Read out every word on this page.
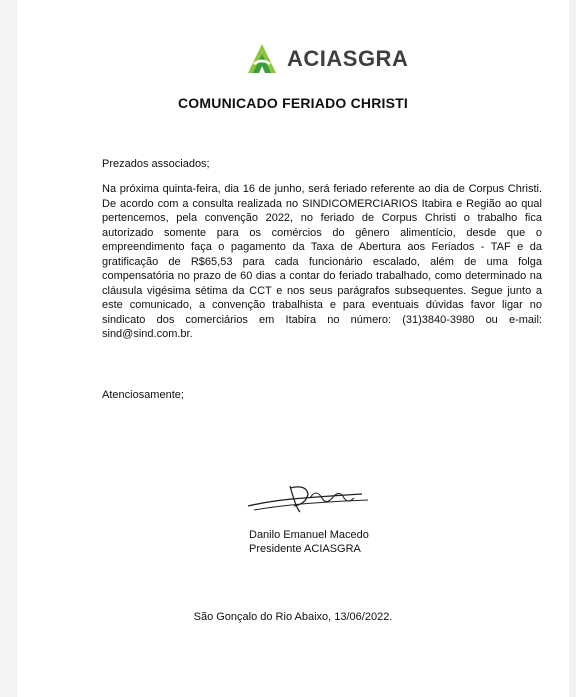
ACIASGRA
COMUNICADO FERIADO CHRISTI
Prezados associados;
Na próxima quinta-feira, dia 16 de junho, será feriado referente ao dia de Corpus Christi. De acordo com a consulta realizada no SINDICOMERCIARIOS Itabira e Região ao qual pertencemos, pela convenção 2022, no feriado de Corpus Christi o trabalho fica autorizado somente para os comércios do gênero alimentício, desde que o empreendimento faça o pagamento da Taxa de Abertura aos Feriados - TAF e da gratificação de R$65,53 para cada funcionário escalado, além de uma folga compensatória no prazo de 60 dias a contar do feriado trabalhado, como determinado na cláusula vigésima sétima da CCT e nos seus parágrafos subsequentes. Segue junto a este comunicado, a convenção trabalhista e para eventuais dúvidas favor ligar no sindicato dos comerciários em Itabira no número: (31)3840-3980 ou e-mail: sind@sind.com.br.
Atenciosamente;
Danilo Emanuel Macedo
Presidente ACIASGRA
São Gonçalo do Rio Abaixo, 13/06/2022.
